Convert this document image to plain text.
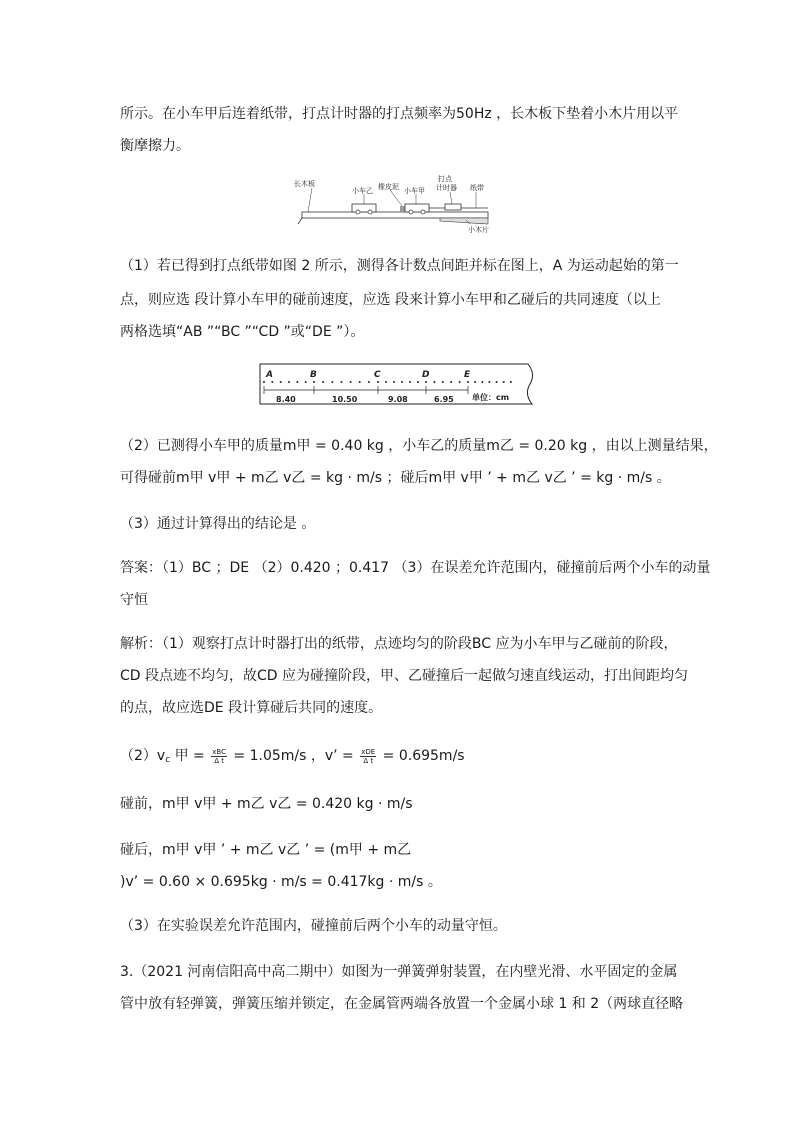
所示。在小车甲后连着纸带，打点计时器的打点频率为50Hz ，长木板下垫着小木片用以平
衡摩擦力。
长木板
小车乙 橡皮泥 小车甲
打点
计时器 纸带
小木片
（1）若已得到打点纸带如图 2 所示，测得各计数点间距并标在图上，A 为运动起始的第一
点，则应选 段计算小车甲的碰前速度，应选 段来计算小车甲和乙碰后的共同速度（以上
两格选填“AB ”“BC ”“CD ”或“DE ”）。
A	B	C	D	E
8.40	10.50	9.08	6.95 单位：cm
（2）已测得小车甲的质量m甲 = 0.40 kg ，小车乙的质量m乙 = 0.20 kg ，由以上测量结果，
可得碰前m甲 v甲 + m乙 v乙 = kg · m/s ；碰后m甲 v甲 ’ + m乙 v乙 ’ = kg · m/s 。
（3）通过计算得出的结论是 。
答案：（1）BC ；DE （2）0.420 ；0.417 （3）在误差允许范围内，碰撞前后两个小车的动量
守恒
解析：（1）观察打点计时器打出的纸带，点迹均匀的阶段BC 应为小车甲与乙碰前的阶段，
CD 段点迹不均匀，故CD 应为碰撞阶段，甲、乙碰撞后一起做匀速直线运动，打出间距均匀
的点，故应选DE 段计算碰后共同的速度。
$(2)v_c$ 甲 = $\frac{\text{xBC}}{\text{Δ t}} = 1.05m/s$ ，v’ = $\frac{\text{xDE}}{\text{Δ t}} = 0.695m/s$
碰前，m甲 v甲 + m乙 v乙 = 0.420 kg · m/s
碰后，m甲 v甲 ’ + m乙 v乙 ’ = (m甲 + m乙
)v’ = 0.60 × 0.695kg · m/s = 0.417kg · m/s 。
（3）在实验误差允许范围内，碰撞前后两个小车的动量守恒。
3.（2021 河南信阳高中高二期中）如图为一弹簧弹射装置，在内壁光滑、水平固定的金属
管中放有轻弹簧，弹簧压缩并锁定，在金属管两端各放置一个金属小球 1 和 2（两球直径略
